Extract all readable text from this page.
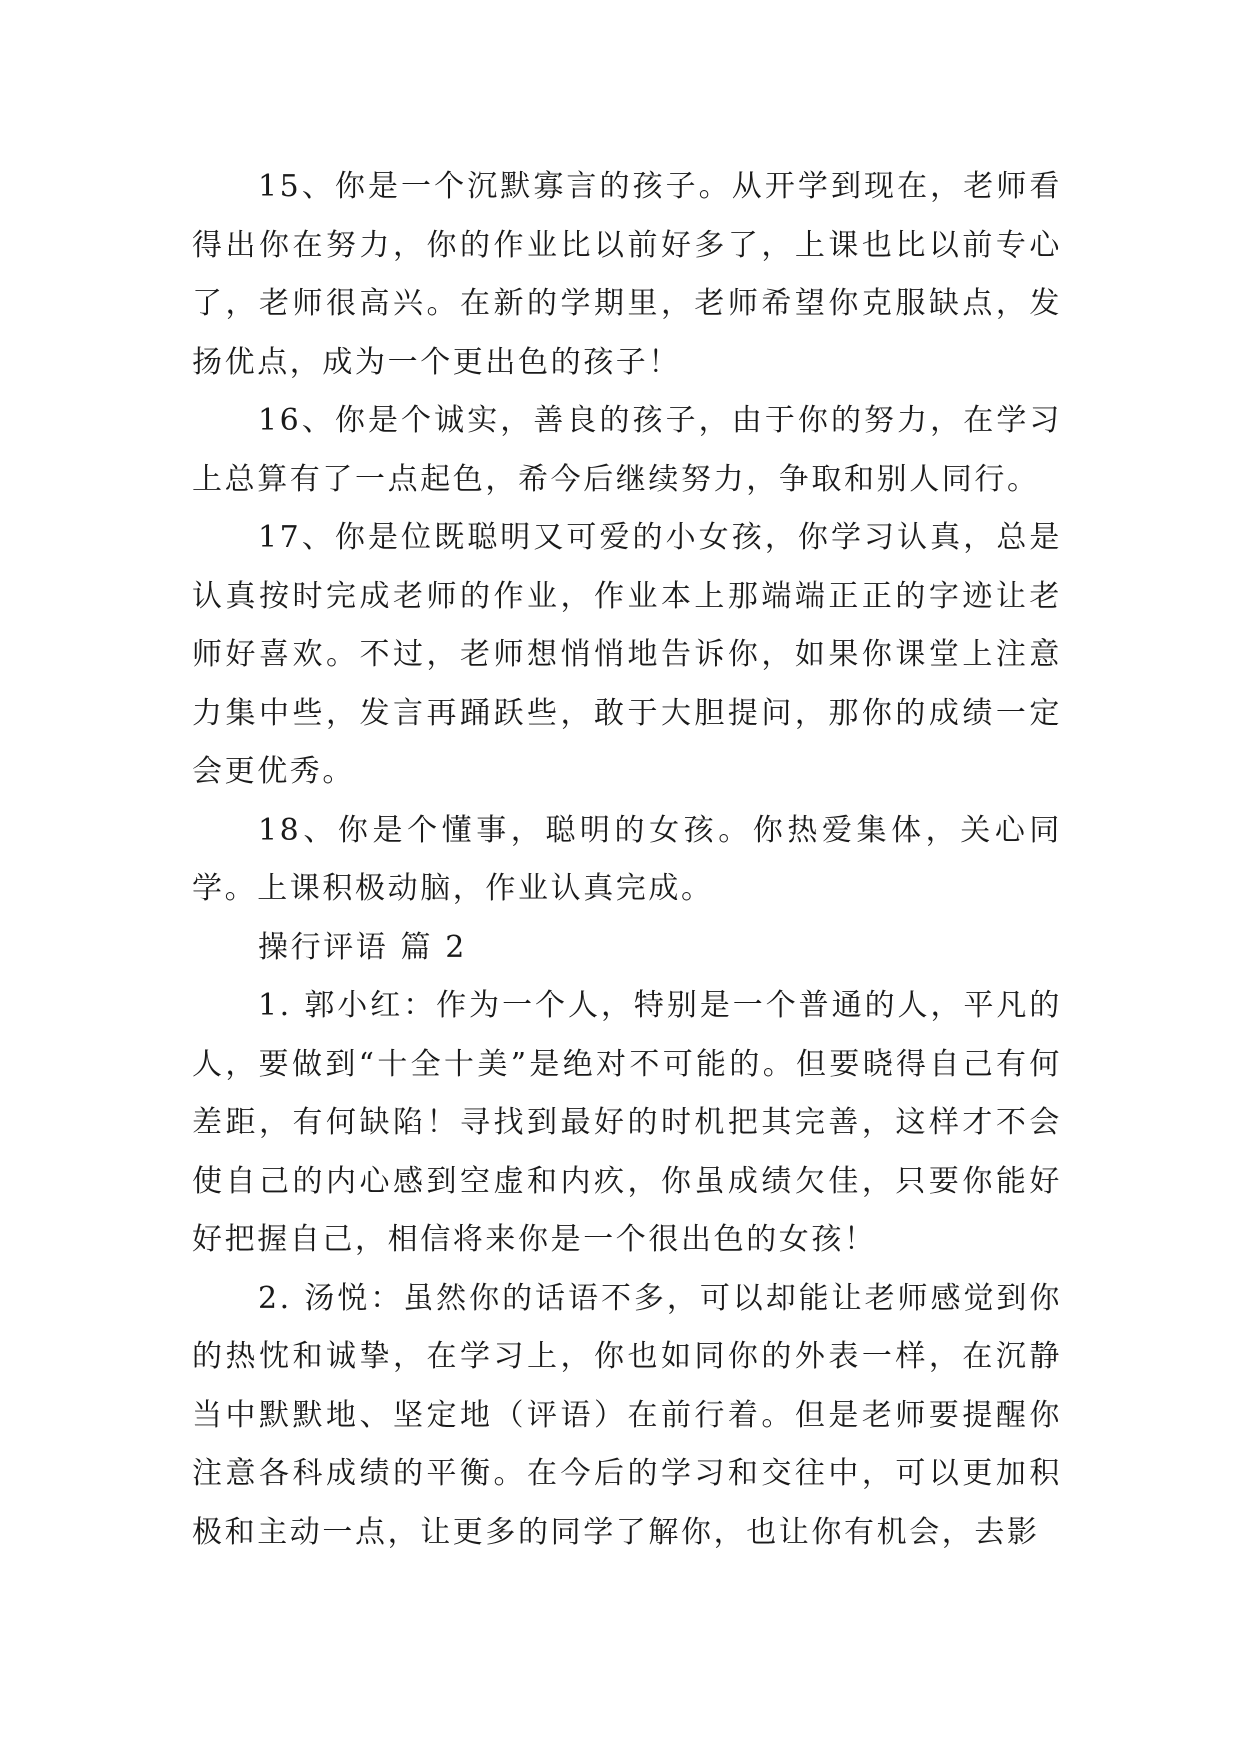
15、你是一个沉默寡言的孩子。从开学到现在，老师看得出你在努力，你的作业比以前好多了，上课也比以前专心了，老师很高兴。在新的学期里，老师希望你克服缺点，发扬优点，成为一个更出色的孩子！

16、你是个诚实，善良的孩子，由于你的努力，在学习上总算有了一点起色，希今后继续努力，争取和别人同行。

17、你是位既聪明又可爱的小女孩，你学习认真，总是认真按时完成老师的作业，作业本上那端端正正的字迹让老师好喜欢。不过，老师想悄悄地告诉你，如果你课堂上注意力集中些，发言再踊跃些，敢于大胆提问，那你的成绩一定会更优秀。

18、你是个懂事，聪明的女孩。你热爱集体，关心同学。上课积极动脑，作业认真完成。

操行评语 篇 2

1. 郭小红：作为一个人，特别是一个普通的人，平凡的人，要做到“十全十美”是绝对不可能的。但要晓得自己有何差距，有何缺陷！寻找到最好的时机把其完善，这样才不会使自己的内心感到空虚和内疚，你虽成绩欠佳，只要你能好好把握自己，相信将来你是一个很出色的女孩！

2. 汤悦：虽然你的话语不多，可以却能让老师感觉到你的热忱和诚挚，在学习上，你也如同你的外表一样，在沉静当中默默地、坚定地（评语）在前行着。但是老师要提醒你注意各科成绩的平衡。在今后的学习和交往中，可以更加积极和主动一点，让更多的同学了解你，也让你有机会，去影
